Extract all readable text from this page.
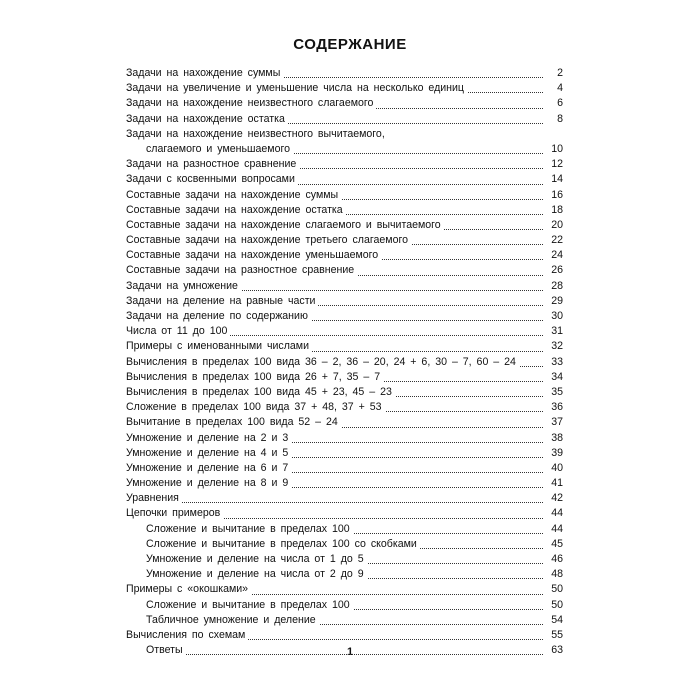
СОДЕРЖАНИЕ
Задачи на нахождение суммы	2
Задачи на увеличение и уменьшение числа на несколько единиц	4
Задачи на нахождение неизвестного слагаемого	6
Задачи на нахождение остатка	8
Задачи на нахождение неизвестного вычитаемого,
слагаемого и уменьшаемого	10
Задачи на разностное сравнение	12
Задачи с косвенными вопросами	14
Составные задачи на нахождение суммы	16
Составные задачи на нахождение остатка	18
Составные задачи на нахождение слагаемого и вычитаемого	20
Составные задачи на нахождение третьего слагаемого	22
Составные задачи на нахождение уменьшаемого	24
Составные задачи на разностное сравнение	26
Задачи на умножение	28
Задачи на деление на равные части	29
Задачи на деление по содержанию	30
Числа от 11 до 100	31
Примеры с именованными числами	32
Вычисления в пределах 100 вида 36 – 2, 36 – 20, 24 + 6, 30 – 7, 60 – 24	33
Вычисления в пределах 100 вида 26 + 7, 35 – 7	34
Вычисления в пределах 100 вида 45 + 23, 45 – 23	35
Сложение в пределах 100 вида 37 + 48, 37 + 53	36
Вычитание в пределах 100 вида 52 – 24	37
Умножение и деление на 2 и 3	38
Умножение и деление на 4 и 5	39
Умножение и деление на 6 и 7	40
Умножение и деление на 8 и 9	41
Уравнения	42
Цепочки примеров	44
Сложение и вычитание в пределах 100	44
Сложение и вычитание в пределах 100 со скобками	45
Умножение и деление на числа от 1 до 5	46
Умножение и деление на числа от 2 до 9	48
Примеры с «окошками»	50
Сложение и вычитание в пределах 100	50
Табличное умножение и деление	54
Вычисления по схемам	55
Ответы	63
1
